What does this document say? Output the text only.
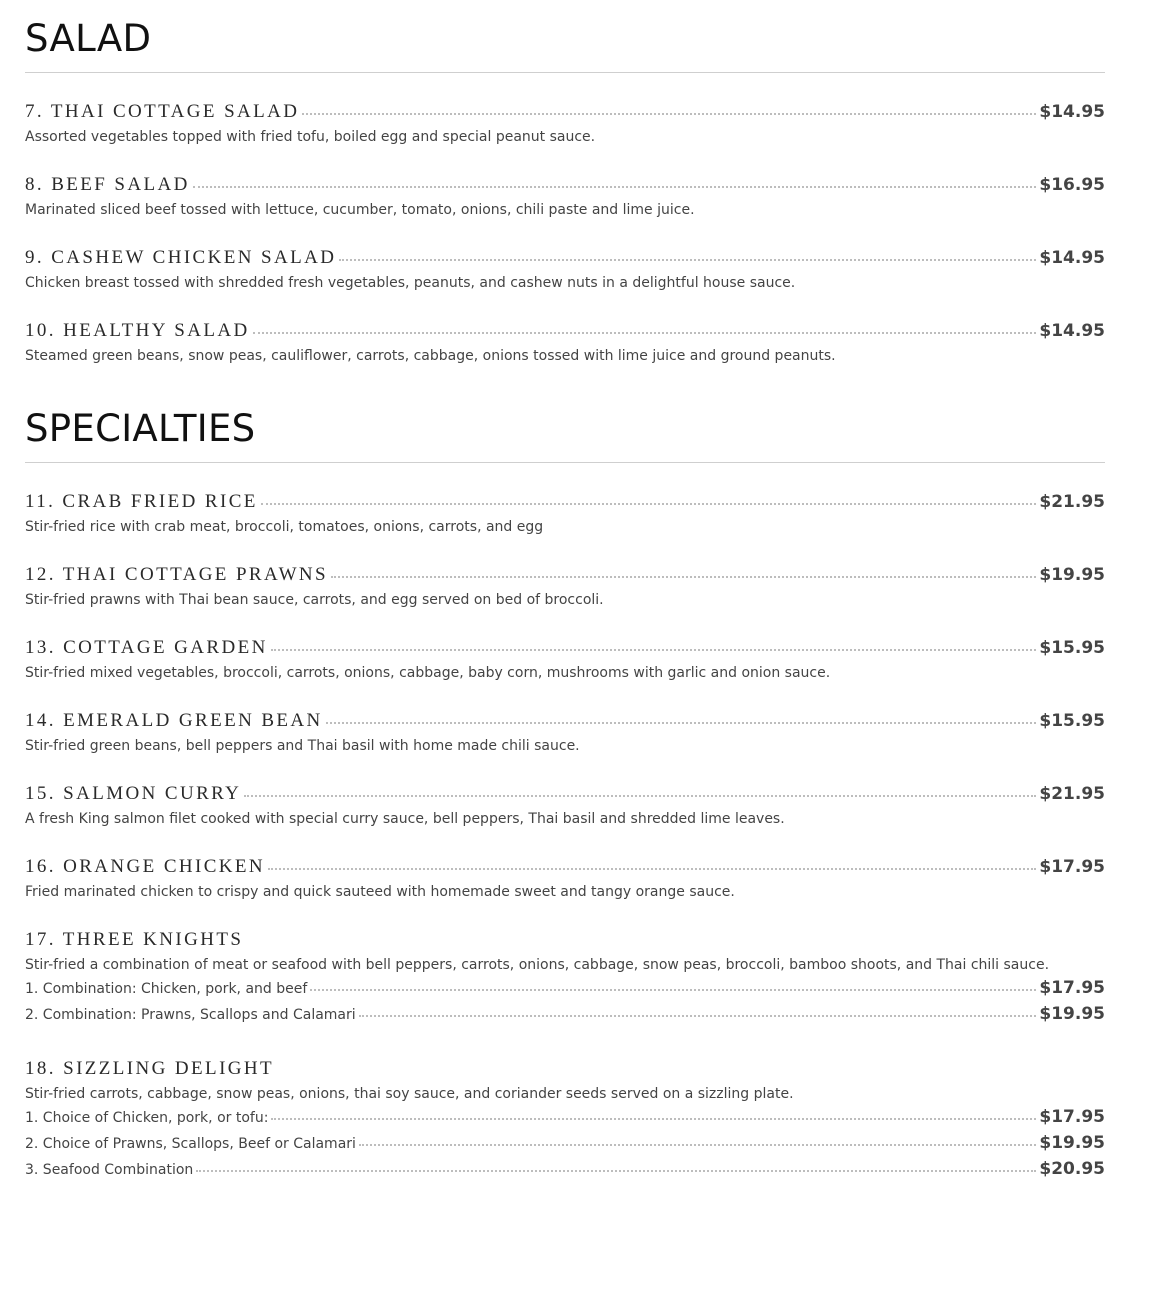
SALAD
7. THAI COTTAGE SALAD	$14.95
Assorted vegetables topped with fried tofu, boiled egg and special peanut sauce.
8. BEEF SALAD	$16.95
Marinated sliced beef tossed with lettuce, cucumber, tomato, onions, chili paste and lime juice.
9. CASHEW CHICKEN SALAD	$14.95
Chicken breast tossed with shredded fresh vegetables, peanuts, and cashew nuts in a delightful house sauce.
10. HEALTHY SALAD	$14.95
Steamed green beans, snow peas, cauliflower, carrots, cabbage, onions tossed with lime juice and ground peanuts.
SPECIALTIES
11. CRAB FRIED RICE	$21.95
Stir-fried rice with crab meat, broccoli, tomatoes, onions, carrots, and egg
12. THAI COTTAGE PRAWNS	$19.95
Stir-fried prawns with Thai bean sauce, carrots, and egg served on bed of broccoli.
13. COTTAGE GARDEN	$15.95
Stir-fried mixed vegetables, broccoli, carrots, onions, cabbage, baby corn, mushrooms with garlic and onion sauce.
14. EMERALD GREEN BEAN	$15.95
Stir-fried green beans, bell peppers and Thai basil with home made chili sauce.
15. SALMON CURRY	$21.95
A fresh King salmon filet cooked with special curry sauce, bell peppers, Thai basil and shredded lime leaves.
16. ORANGE CHICKEN	$17.95
Fried marinated chicken to crispy and quick sauteed with homemade sweet and tangy orange sauce.
17. THREE KNIGHTS
Stir-fried a combination of meat or seafood with bell peppers, carrots, onions, cabbage, snow peas, broccoli, bamboo shoots, and Thai chili sauce.
1. Combination: Chicken, pork, and beef	$17.95
2. Combination: Prawns, Scallops and Calamari	$19.95
18. SIZZLING DELIGHT
Stir-fried carrots, cabbage, snow peas, onions, thai soy sauce, and coriander seeds served on a sizzling plate.
1. Choice of Chicken, pork, or tofu:	$17.95
2. Choice of Prawns, Scallops, Beef or Calamari	$19.95
3. Seafood Combination	$20.95
